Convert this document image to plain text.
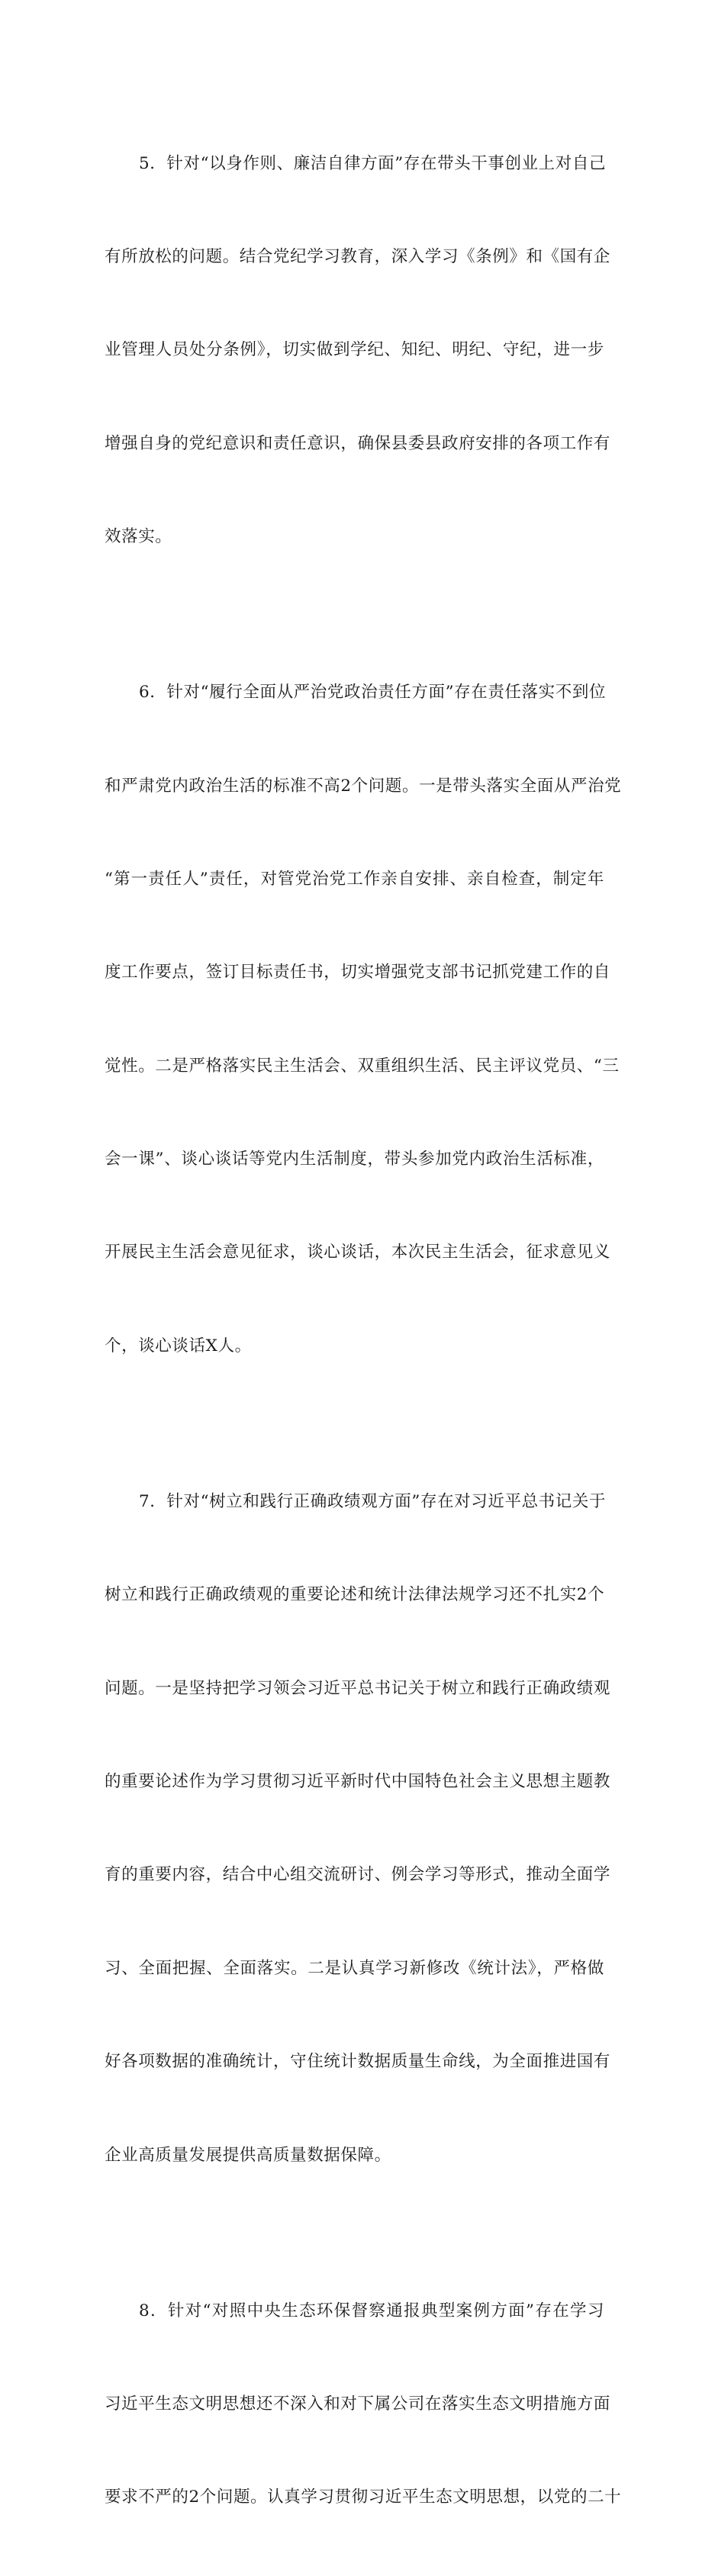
5．针对“以身作则、廉洁自律方面”存在带头干事创业上对自己

有所放松的问题。结合党纪学习教育，深入学习《条例》和《国有企

业管理人员处分条例》，切实做到学纪、知纪、明纪、守纪，进一步

增强自身的党纪意识和责任意识，确保县委县政府安排的各项工作有

效落实。

6．针对“履行全面从严治党政治责任方面”存在责任落实不到位

和严肃党内政治生活的标准不高2个问题。一是带头落实全面从严治党

“第一责任人”责任，对管党治党工作亲自安排、亲自检查，制定年

度工作要点，签订目标责任书，切实增强党支部书记抓党建工作的自

觉性。二是严格落实民主生活会、双重组织生活、民主评议党员、“三

会一课”、谈心谈话等党内生活制度，带头参加党内政治生活标准，

开展民主生活会意见征求，谈心谈话，本次民主生活会，征求意见义

个，谈心谈话X人。

7．针对“树立和践行正确政绩观方面”存在对习近平总书记关于

树立和践行正确政绩观的重要论述和统计法律法规学习还不扎实2个

问题。一是坚持把学习领会习近平总书记关于树立和践行正确政绩观

的重要论述作为学习贯彻习近平新时代中国特色社会主义思想主题教

育的重要内容，结合中心组交流研讨、例会学习等形式，推动全面学

习、全面把握、全面落实。二是认真学习新修改《统计法》，严格做

好各项数据的准确统计，守住统计数据质量生命线，为全面推进国有

企业高质量发展提供高质量数据保障。

8．针对“对照中央生态环保督察通报典型案例方面”存在学习

习近平生态文明思想还不深入和对下属公司在落实生态文明措施方面

要求不严的2个问题。认真学习贯彻习近平生态文明思想，以党的二十
